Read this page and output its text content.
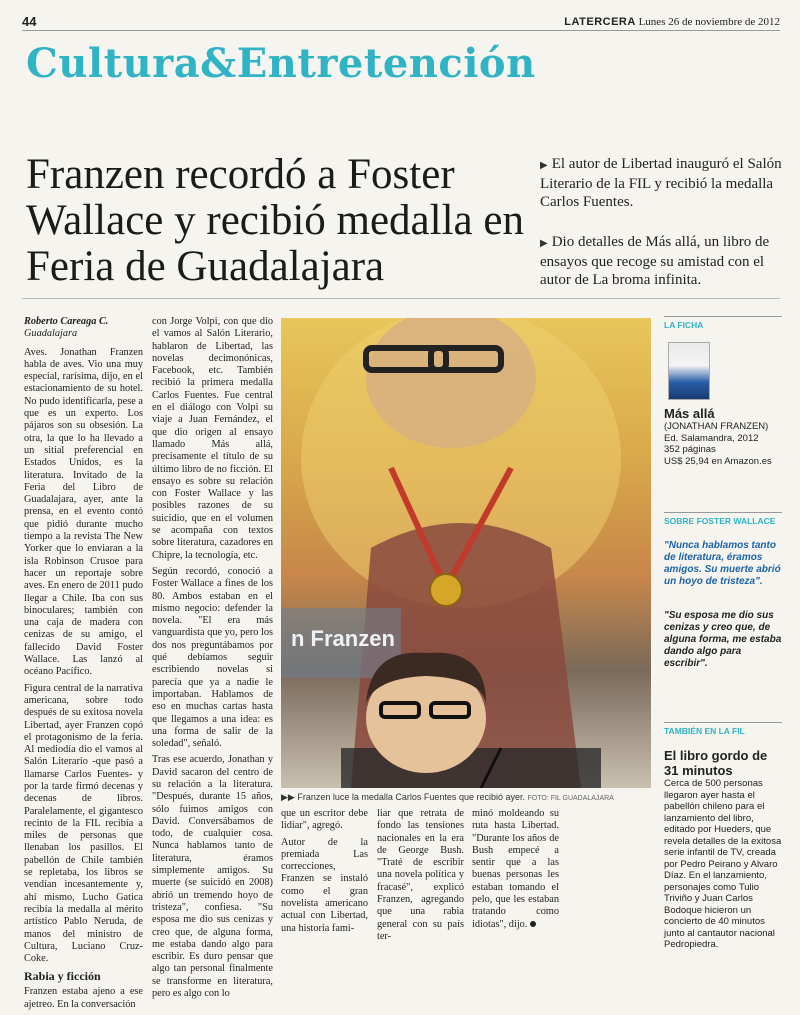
44	LATERCERA Lunes 26 de noviembre de 2012
Cultura&Entretención
Franzen recordó a Foster Wallace y recibió medalla en Feria de Guadalajara
▶ El autor de Libertad inauguró el Salón Literario de la FIL y recibió la medalla Carlos Fuentes.
▶ Dio detalles de Más allá, un libro de ensayos que recoge su amistad con el autor de La broma infinita.
Roberto Careaga C.
Guadalajara

Aves. Jonathan Franzen habla de aves. Vio una muy especial, rarísima, dijo, en el estacionamiento de su hotel. No pudo identificarla, pese a que es un experto. Los pájaros son su obsesión. La otra, la que lo ha llevado a un sitial preferencial en Estados Unidos, es la literatura. Invitado de la Feria del Libro de Guadalajara, ayer, ante la prensa, en el evento contó que pidió durante mucho tiempo a la revista The New Yorker que lo enviaran a la isla Robinson Crusoe para hacer un reportaje sobre aves. En enero de 2011 pudo llegar a Chile. Iba con sus binoculares; también con una caja de madera con cenizas de su amigo, el fallecido David Foster Wallace. Las lanzó al océano Pacífico.

Figura central de la narrativa americana, sobre todo después de su exitosa novela Libertad, ayer Franzen copó el protagonismo de la feria. Al mediodía dio el vamos al Salón Literario -que pasó a llamarse Carlos Fuentes- y por la tarde firmó decenas y decenas de libros. Paralelamente, el gigantesco recinto de la FIL recibía a miles de personas que llenaban los pasillos. El pabellón de Chile también se repletaba, los libros se vendían incesantemente y, ahí mismo, Lucho Gatica recibía la medalla al mérito artístico Pablo Neruda, de manos del ministro de Cultura, Luciano Cruz-Coke.

Rabia y ficción

Franzen estaba ajeno a ese ajetreo. En la conversación

con Jorge Volpi, con que dio el vamos al Salón Literario, hablaron de Libertad, las novelas decimonónicas, Facebook, etc. También recibió la primera medalla Carlos Fuentes. Fue central en el diálogo con Volpi su viaje a Juan Fernández, el que dio origen al ensayo llamado Más allá, precisamente el título de su último libro de no ficción. El ensayo es sobre su relación con Foster Wallace y las posibles razones de su suicidio, que en el volumen se acompaña con textos sobre literatura, cazadores en Chipre, la tecnología, etc.

Según recordó, conoció a Foster Wallace a fines de los 80. Ambos estaban en el mismo negocio: defender la novela. "El era más vanguardista que yo, pero los dos nos preguntábamos por qué debíamos seguir escribiendo novelas si parecía que ya a nadie le importaban. Hablamos de eso en muchas cartas hasta que llegamos a una idea: es una forma de salir de la soledad", señaló.

Tras ese acuerdo, Jonathan y David sacaron del centro de su relación a la literatura. "Después, durante 15 años, sólo fuimos amigos con David. Conversábamos de todo, de cualquier cosa. Nunca hablamos tanto de literatura, éramos simplemente amigos. Su muerte (se suicidó en 2008) abrió un tremendo hoyo de tristeza", confiesa. "Su esposa me dio sus cenizas y creo que, de alguna forma, me estaba dando algo para escribir. Es duro pensar que algo tan personal finalmente se transforme en literatura, pero es algo con lo

n Franzen
▶▶ Franzen luce la medalla Carlos Fuentes que recibió ayer. FOTO: FIL GUADALAJARA

que un escritor debe lidiar", agregó.

Autor de la premiada Las correcciones, Franzen se instaló como el gran novelista americano actual con Libertad, una historia fami-

liar que retrata de fondo las tensiones nacionales en la era de George Bush. "Traté de escribir una novela política y fracasé", explicó Franzen, agregando que una rabia general con su país ter-

minó moldeando su ruta hasta Libertad. "Durante los años de Bush empecé a sentir que a las buenas personas les estaban tomando el pelo, que les estaban tratando como idiotas", dijo.

LA FICHA
Más allá
(JONATHAN FRANZEN)
Ed. Salamandra, 2012
352 páginas
US$ 25,94 en Amazon.es
SOBRE FOSTER WALLACE
"Nunca hablamos tanto de literatura, éramos amigos. Su muerte abrió un hoyo de tristeza".
"Su esposa me dio sus cenizas y creo que, de alguna forma, me estaba dando algo para escribir".
TAMBIÉN EN LA FIL
El libro gordo de 31 minutos
Cerca de 500 personas llegaron ayer hasta el pabellón chileno para el lanzamiento del libro, editado por Hueders, que revela detalles de la exitosa serie infantil de TV, creada por Pedro Peirano y Alvaro Díaz. En el lanzamiento, personajes como Tulio Triviño y Juan Carlos Bodoque hicieron un concierto de 40 minutos junto al cantautor nacional Pedropiedra.
